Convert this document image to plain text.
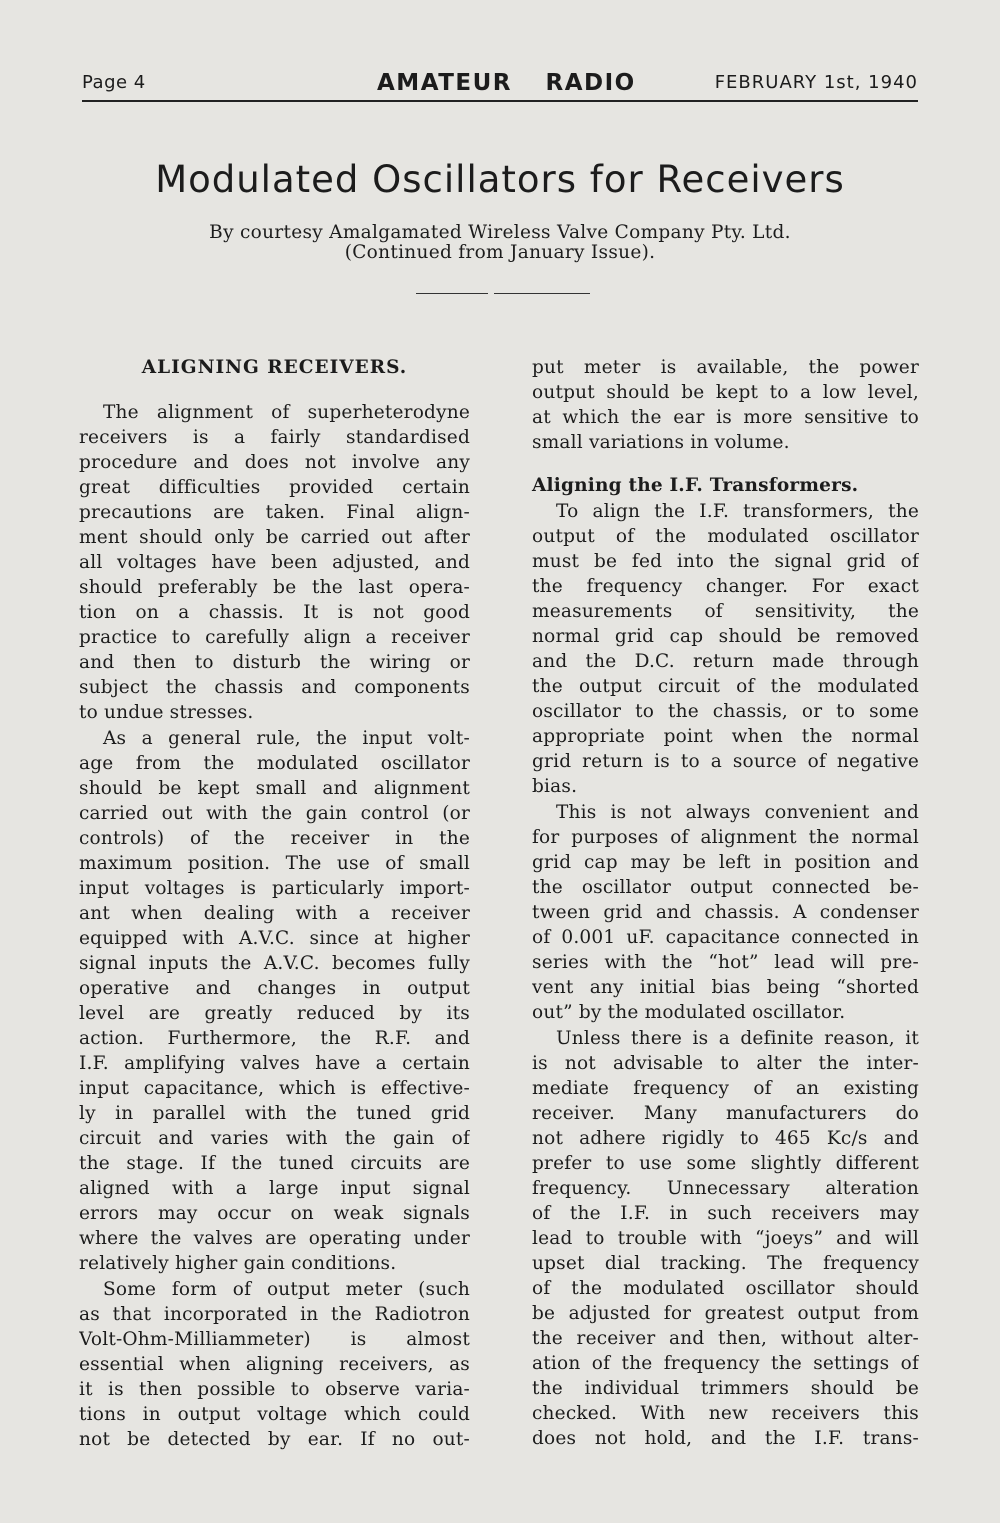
Page 4	AMATEUR RADIO	FEBRUARY 1st, 1940
Modulated Oscillators for Receivers
By courtesy Amalgamated Wireless Valve Company Pty. Ltd.
(Continued from January Issue).
ALIGNING RECEIVERS.
The alignment of superheterodyne
receivers is a fairly standardised
procedure and does not involve any
great difficulties provided certain
precautions are taken. Final align-
ment should only be carried out after
all voltages have been adjusted, and
should preferably be the last opera-
tion on a chassis. It is not good
practice to carefully align a receiver
and then to disturb the wiring or
subject the chassis and components
to undue stresses.
As a general rule, the input volt-
age from the modulated oscillator
should be kept small and alignment
carried out with the gain control (or
controls) of the receiver in the
maximum position. The use of small
input voltages is particularly import-
ant when dealing with a receiver
equipped with A.V.C. since at higher
signal inputs the A.V.C. becomes fully
operative and changes in output
level are greatly reduced by its
action. Furthermore, the R.F. and
I.F. amplifying valves have a certain
input capacitance, which is effective-
ly in parallel with the tuned grid
circuit and varies with the gain of
the stage. If the tuned circuits are
aligned with a large input signal
errors may occur on weak signals
where the valves are operating under
relatively higher gain conditions.
Some form of output meter (such
as that incorporated in the Radiotron
Volt-Ohm-Milliammeter) is almost
essential when aligning receivers, as
it is then possible to observe varia-
tions in output voltage which could
not be detected by ear. If no out-
put meter is available, the power
output should be kept to a low level,
at which the ear is more sensitive to
small variations in volume.
Aligning the I.F. Transformers.
To align the I.F. transformers, the
output of the modulated oscillator
must be fed into the signal grid of
the frequency changer. For exact
measurements of sensitivity, the
normal grid cap should be removed
and the D.C. return made through
the output circuit of the modulated
oscillator to the chassis, or to some
appropriate point when the normal
grid return is to a source of negative
bias.
This is not always convenient and
for purposes of alignment the normal
grid cap may be left in position and
the oscillator output connected be-
tween grid and chassis. A condenser
of 0.001 uF. capacitance connected in
series with the “hot” lead will pre-
vent any initial bias being “shorted
out” by the modulated oscillator.
Unless there is a definite reason, it
is not advisable to alter the inter-
mediate frequency of an existing
receiver. Many manufacturers do
not adhere rigidly to 465 Kc/s and
prefer to use some slightly different
frequency. Unnecessary alteration
of the I.F. in such receivers may
lead to trouble with “joeys” and will
upset dial tracking. The frequency
of the modulated oscillator should
be adjusted for greatest output from
the receiver and then, without alter-
ation of the frequency the settings of
the individual trimmers should be
checked. With new receivers this
does not hold, and the I.F. trans-
